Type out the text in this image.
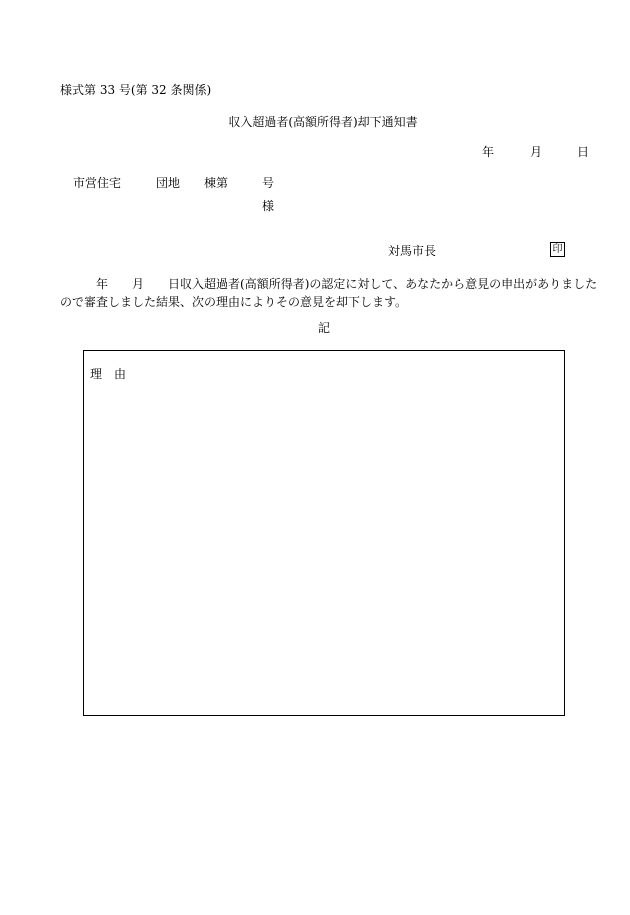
様式第 33 号(第 32 条関係)
収入超過者(高額所得者)却下通知書
年	月	日
市営住宅	団地 棟第	号
様
対馬市長	印
年 月 日収入超過者(高額所得者)の認定に対して、あなたから意見の申出がありました
ので審査しました結果、次の理由によりその意見を却下します。
記
理　由
